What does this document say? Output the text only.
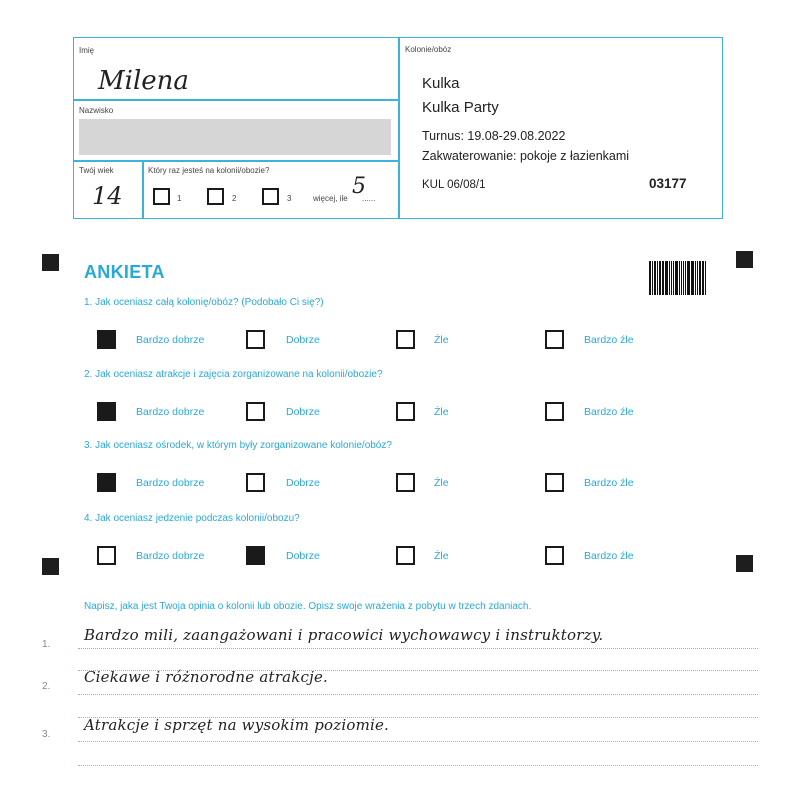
Imię
Milena
Nazwisko
Twój wiek
14
Który raz jesteś na kolonii/obozie?
1	2	3	więcej, ile ......
5
Kolonie/obóz
Kulka
Kulka Party
Turnus: 19.08-29.08.2022
Zakwaterowanie: pokoje z łazienkami
KUL 06/08/1	03177
ANKIETA
1. Jak oceniasz całą kolonię/obóz? (Podobało Ci się?)
Bardzo dobrze	Dobrze	Źle	Bardzo źle
2. Jak oceniasz atrakcje i zajęcia zorganizowane na kolonii/obozie?
Bardzo dobrze	Dobrze	Źle	Bardzo źle
3. Jak oceniasz ośrodek, w którym były zorganizowane kolonie/obóz?
Bardzo dobrze	Dobrze	Źle	Bardzo źle
4. Jak oceniasz jedzenie podczas kolonii/obozu?
Bardzo dobrze	Dobrze	Źle	Bardzo źle
Napisz, jaka jest Twoja opinia o kolonii lub obozie. Opisz swoje wrażenia z pobytu w trzech zdaniach.
1.
Bardzo mili, zaangażowani i pracowici wychowawcy i instruktorzy.
2.
Ciekawe i różnorodne atrakcje.
3.
Atrakcje i sprzęt na wysokim poziomie.
